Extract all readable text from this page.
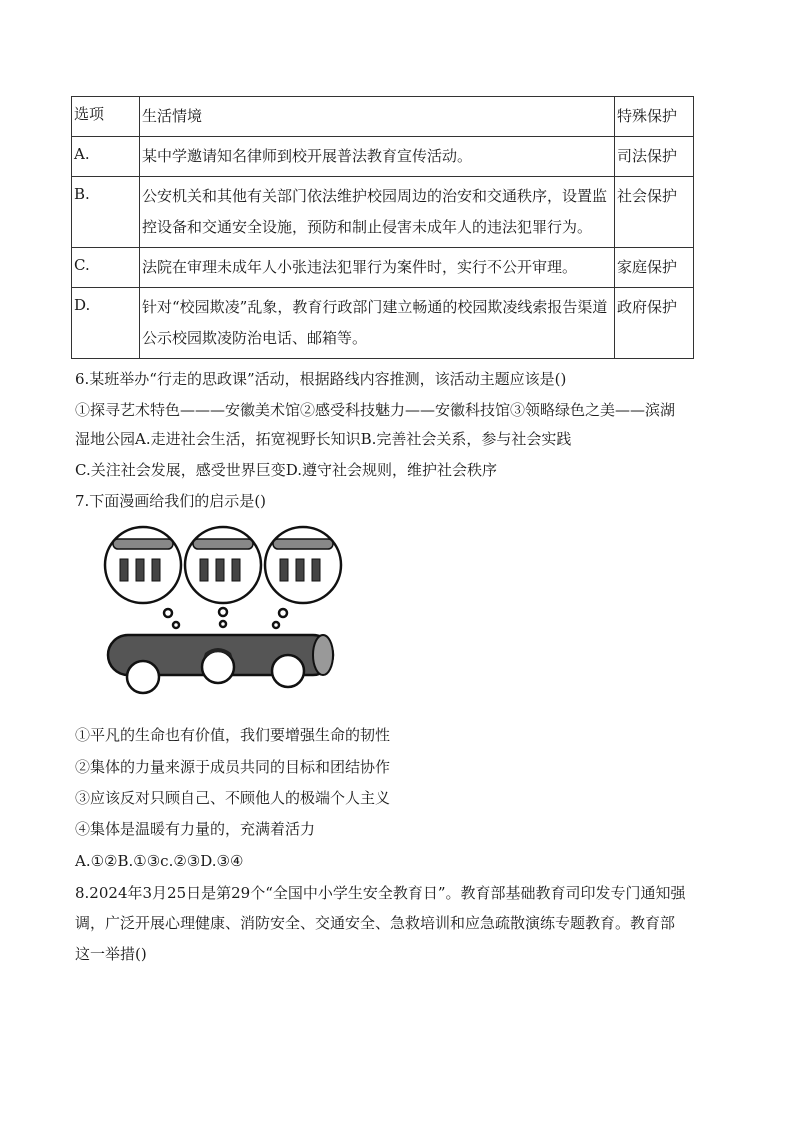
选项	生活情境	特殊保护
A.	某中学邀请知名律师到校开展普法教育宣传活动。	司法保护
B.	公安机关和其他有关部门依法维护校园周边的治安和交通秩序，设置监控设备和交通安全设施，预防和制止侵害未成年人的违法犯罪行为。	社会保护
C.	法院在审理未成年人小张违法犯罪行为案件时，实行不公开审理。	家庭保护
D.	针对“校园欺凌”乱象，教育行政部门建立畅通的校园欺凌线索报告渠道公示校园欺凌防治电话、邮箱等。	政府保护
6.某班举办“行走的思政课”活动，根据路线内容推测，该活动主题应该是()
①探寻艺术特色———安徽美术馆②感受科技魅力——安徽科技馆③领略绿色之美——滨湖
湿地公园A.走进社会生活，拓宽视野长知识B.完善社会关系，参与社会实践
C.关注社会发展，感受世界巨变D.遵守社会规则，维护社会秩序
7.下面漫画给我们的启示是()
①平凡的生命也有价值，我们要增强生命的韧性
②集体的力量来源于成员共同的目标和团结协作
③应该反对只顾自己、不顾他人的极端个人主义
④集体是温暖有力量的，充满着活力
A.①②B.①③c.②③D.③④
8.2024年3月25日是第29个“全国中小学生安全教育日”。教育部基础教育司印发专门通知强
调，广泛开展心理健康、消防安全、交通安全、急救培训和应急疏散演练专题教育。教育部
这一举措()
